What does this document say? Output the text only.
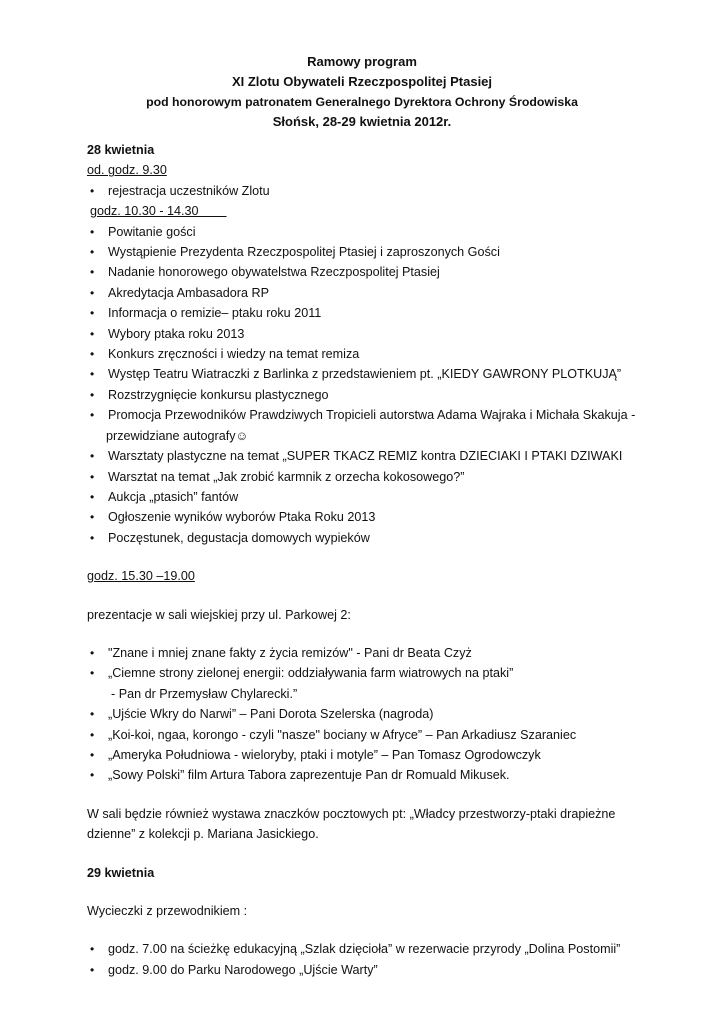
Ramowy program
XI Zlotu Obywateli Rzeczpospolitej Ptasiej
pod honorowym patronatem Generalnego Dyrektora Ochrony Środowiska
Słońsk, 28-29 kwietnia 2012r.
28 kwietnia
od. godz. 9.30
• rejestracja uczestników Zlotu
godz. 10.30 - 14.30
• Powitanie gości
• Wystąpienie Prezydenta Rzeczpospolitej Ptasiej i zaproszonych Gości
• Nadanie honorowego obywatelstwa Rzeczpospolitej Ptasiej
• Akredytacja Ambasadora RP
• Informacja o remizie– ptaku roku 2011
• Wybory ptaka roku 2013
• Konkurs zręczności i wiedzy na temat remiza
• Występ Teatru Wiatraczki z Barlinka z przedstawieniem pt. „KIEDY GAWRONY PLOTKUJĄ”
• Rozstrzygnięcie konkursu plastycznego
• Promocja Przewodników Prawdziwych Tropicieli autorstwa Adama Wajraka i Michała Skakuja -
przewidziane autografy☺
• Warsztaty plastyczne na temat „SUPER TKACZ REMIZ kontra DZIECIAKI I PTAKI DZIWAKI
• Warsztat na temat „Jak zrobić karmnik z orzecha kokosowego?”
• Aukcja „ptasich” fantów
• Ogłoszenie wyników wyborów Ptaka Roku 2013
• Poczęstunek, degustacja domowych wypieków
godz. 15.30 –19.00
prezentacje w sali wiejskiej przy ul. Parkowej 2:
• "Znane i mniej znane fakty z życia remizów" - Pani dr Beata Czyż
• „Ciemne strony zielonej energii: oddziaływania farm wiatrowych na ptaki”
- Pan dr Przemysław Chylarecki.”
• „Ujście Wkry do Narwi” – Pani Dorota Szelerska (nagroda)
• „Koi-koi, ngaa, korongo - czyli "nasze" bociany w Afryce” – Pan Arkadiusz Szaraniec
• „Ameryka Południowa - wieloryby, ptaki i motyle” – Pan Tomasz Ogrodowczyk
• „Sowy Polski” film Artura Tabora zaprezentuje Pan dr Romuald Mikusek.
W sali będzie również wystawa znaczków pocztowych pt: „Władcy przestworzy-ptaki drapieżne
dzienne” z kolekcji p. Mariana Jasickiego.
29 kwietnia
Wycieczki z przewodnikiem :
• godz. 7.00 na ścieżkę edukacyjną „Szlak dzięcioła” w rezerwacie przyrody „Dolina Postomii”
• godz. 9.00 do Parku Narodowego „Ujście Warty”
